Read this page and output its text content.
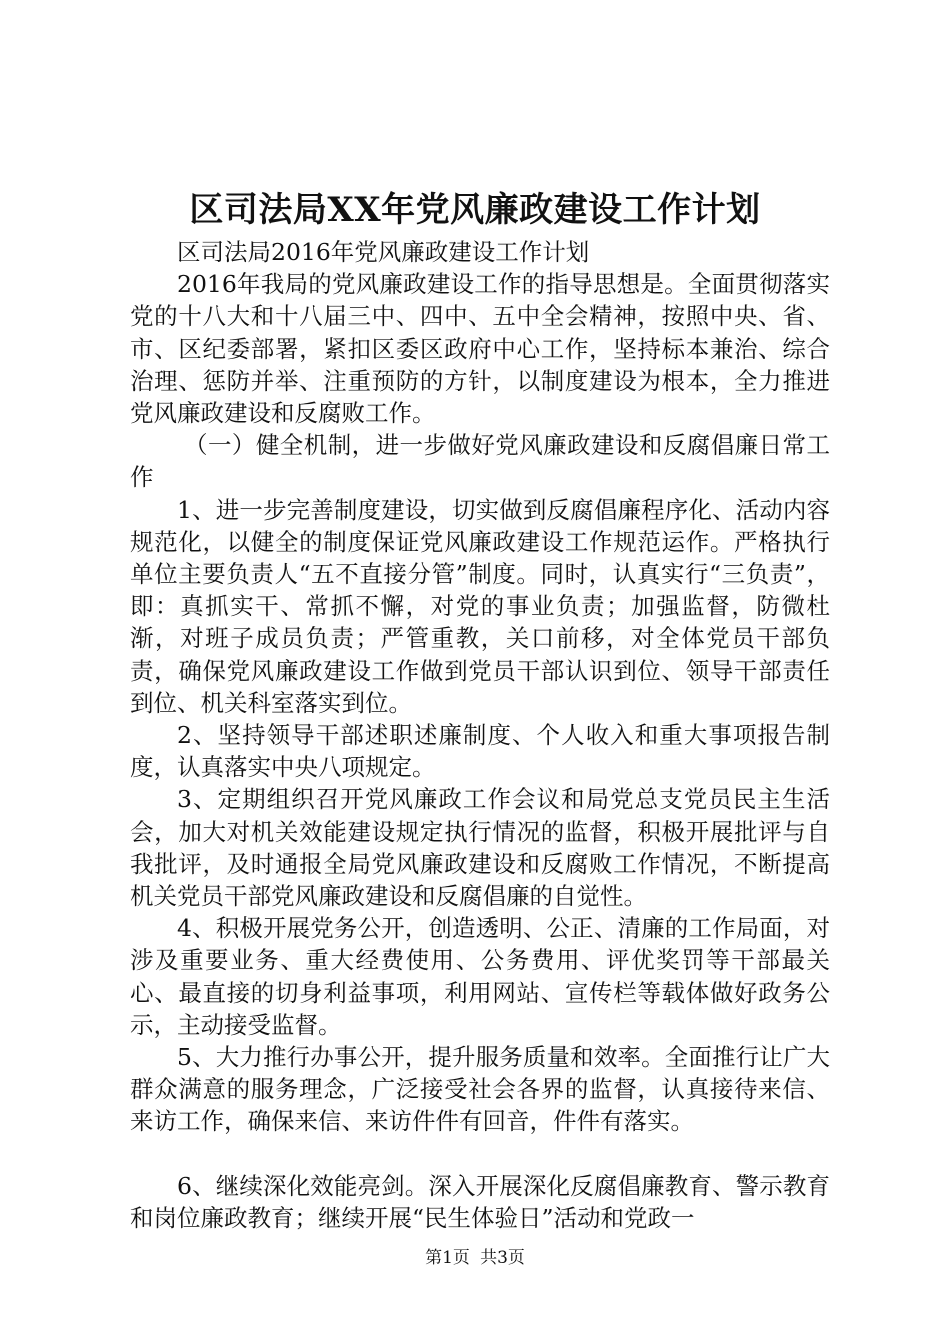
区司法局XX年党风廉政建设工作计划

区司法局2016年党风廉政建设工作计划

2016年我局的党风廉政建设工作的指导思想是。全面贯彻落实党的十八大和十八届三中、四中、五中全会精神，按照中央、省、市、区纪委部署，紧扣区委区政府中心工作，坚持标本兼治、综合治理、惩防并举、注重预防的方针，以制度建设为根本，全力推进党风廉政建设和反腐败工作。

（一）健全机制，进一步做好党风廉政建设和反腐倡廉日常工作

1、进一步完善制度建设，切实做到反腐倡廉程序化、活动内容规范化，以健全的制度保证党风廉政建设工作规范运作。严格执行单位主要负责人“五不直接分管”制度。同时，认真实行“三负责”，即：真抓实干、常抓不懈，对党的事业负责；加强监督，防微杜渐，对班子成员负责；严管重教，关口前移，对全体党员干部负责，确保党风廉政建设工作做到党员干部认识到位、领导干部责任到位、机关科室落实到位。

2、坚持领导干部述职述廉制度、个人收入和重大事项报告制度，认真落实中央八项规定。

3、定期组织召开党风廉政工作会议和局党总支党员民主生活会，加大对机关效能建设规定执行情况的监督，积极开展批评与自我批评，及时通报全局党风廉政建设和反腐败工作情况，不断提高机关党员干部党风廉政建设和反腐倡廉的自觉性。

4、积极开展党务公开，创造透明、公正、清廉的工作局面，对涉及重要业务、重大经费使用、公务费用、评优奖罚等干部最关心、最直接的切身利益事项，利用网站、宣传栏等载体做好政务公示，主动接受监督。

5、大力推行办事公开，提升服务质量和效率。全面推行让广大群众满意的服务理念，广泛接受社会各界的监督，认真接待来信、来访工作，确保来信、来访件件有回音，件件有落实。

6、继续深化效能亮剑。深入开展深化反腐倡廉教育、警示教育和岗位廉政教育；继续开展“民生体验日”活动和党政一

第1页 共3页
